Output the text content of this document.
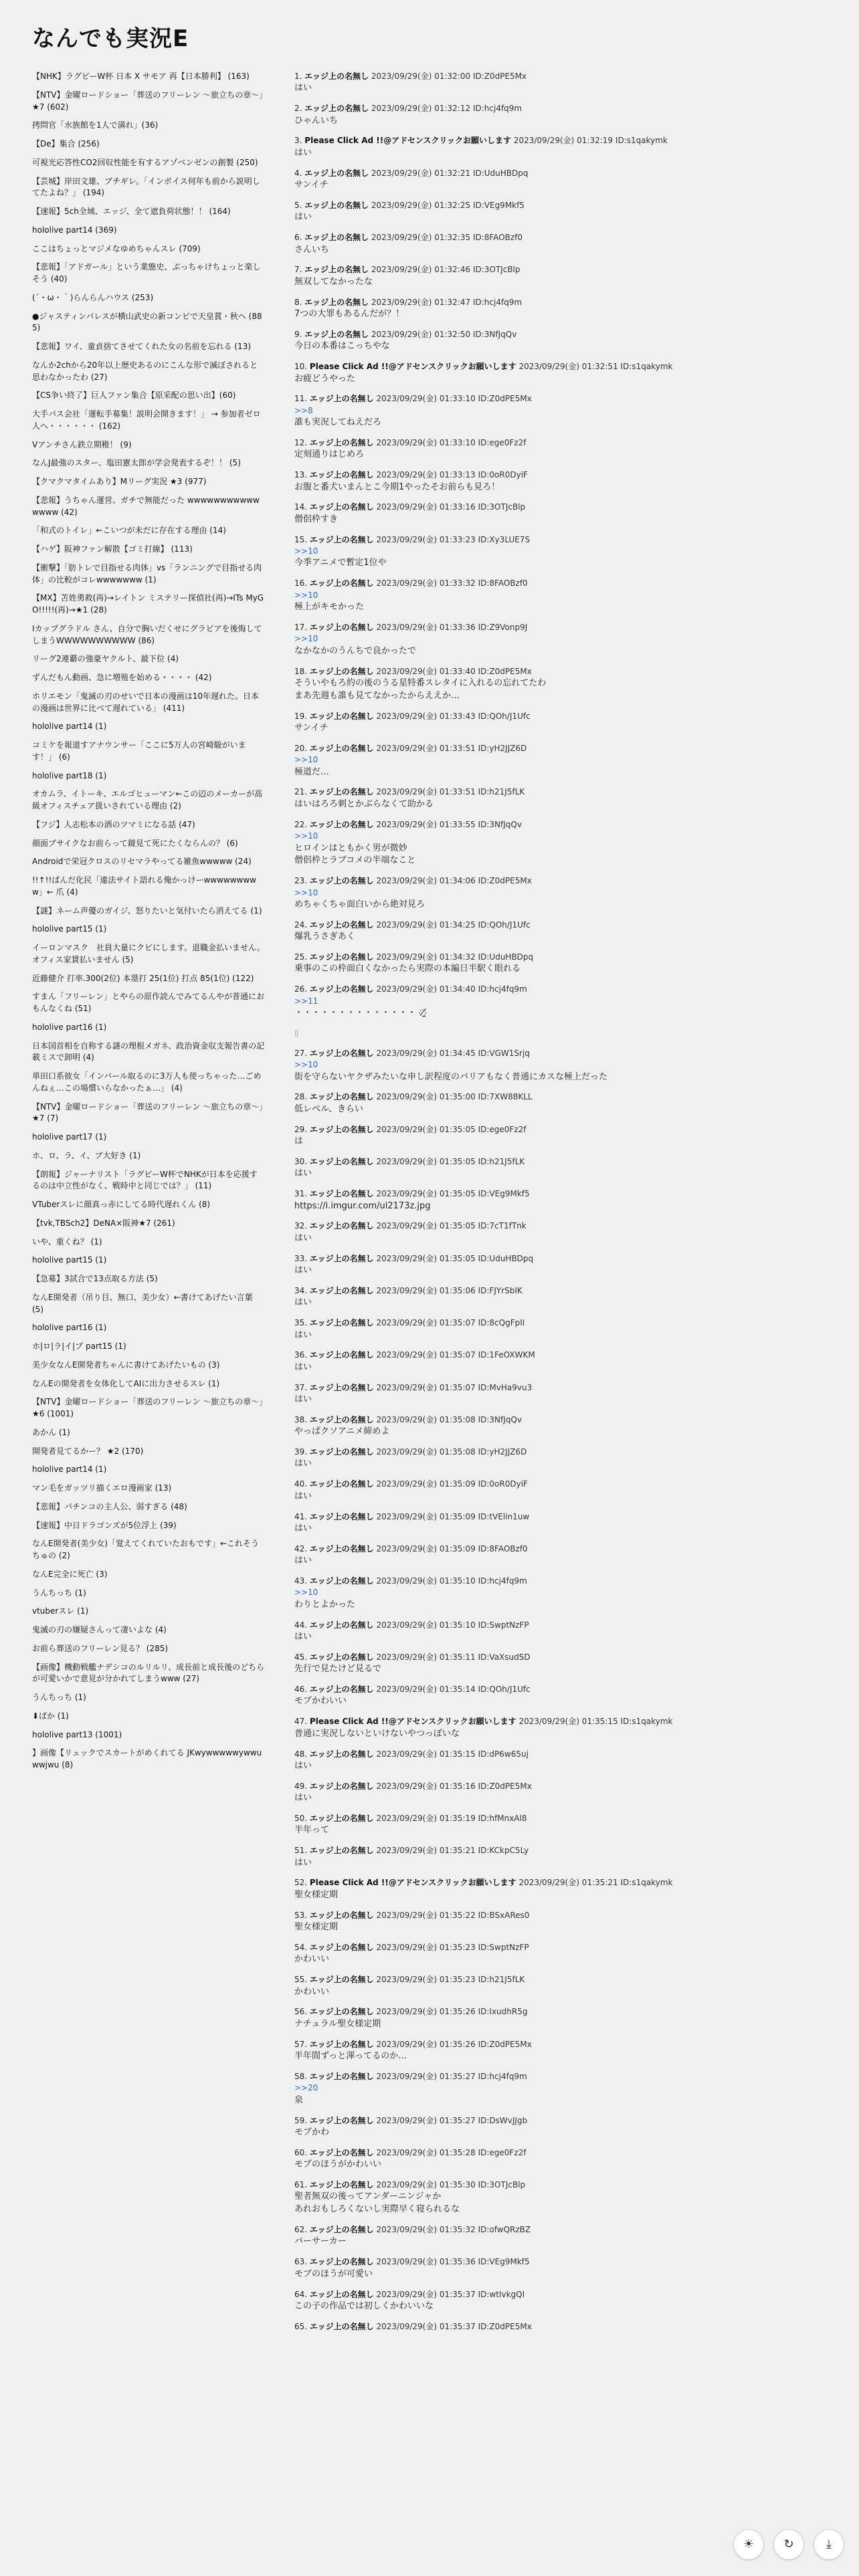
なんでも実況E
【NHK】ラグビーW杯 日本 X サモア 再【日本勝利】 (163)
【NTV】金曜ロードショー「葬送のフリーレン ～旅立ちの章～」★7 (602)
拷問官「水族館を1人で満れ」(36)
【De】集合 (256)
可視光応答性CO2回収性能を有するアゾベンゼンの創製 (250)
【芸城】岸田文雄、ブチギレ。「インボイス何年も前から説明してたよね？」 (194)
【速報】5ch全域、エッジ、全て遮負荷状態！！ (164)
hololive part14 (369)
ここはちょっとマジメなゆめちゃんスレ (709)
【悲報】「アドガール」という業態史、ぶっちゃけちょっと楽しそう (40)
(´・ω・｀)らんらんハウス (253)
●ジャスティンパレスが横山武史の新コンビで天皇賞・秋へ (885)
【悲報】ワイ、童貞捨てさせてくれた女の名前を忘れる (13)
なんか2chから20年以上歴史あるのにこんな形で滅ぼされると思わなかったわ (27)
【CS争い終了】巨人ファン集合【原采配の思い出】(60)
大手パス会社「運転手募集！説明会開きます！」 → 参加者ゼロ人へ・・・・・・ (162)
Vアンチさん鉄立期稚！ (9)
なんJ最強のスター、塩田憲太郎が学会発表するぞ！！ (5)
【クマクマタイムあり】Mリーグ実況 ★3 (977)
【悲報】うちゃん運営、ガチで無能だった wwwwwwwwwwwwwww (42)
「和式のトイレ」←こいつが未だに存在する理由 (14)
【ハゲ】阪神ファン解散【ゴミ打線】 (113)
【衝撃】「肪トレで目指せる肉体」vs「ランニングで目指せる肉体」の比較がコレwwwwwww (1)
【MX】苫姓勇救(再)→レイトン ミステリー探偵社(再)→ITs MyGO!!!!!(再)→★1 (28)
Iカップグラドル さん、自分で胸いだくせにグラビアを後悔してしまうWWWWWWWWWW (86)
リーグ2連覇の強豪ヤクルト、最下位 (4)
ずんだもん動画、急に増殖を始める・・・・ (42)
ホリエモン「鬼滅の刃のせいで日本の漫画は10年遅れた。日本の漫画は世界に比べて遅れている」 (411)
hololive part14 (1)
コミケを報道すアナウンサー「ここに5万人の宮崎駿がいます！」 (6)
hololive part18 (1)
オカムラ、イトーキ、エルゴヒューマン←この辺のメーカーが高級オフィスチェア扱いされている理由 (2)
【フジ】人志松本の酒のツマミになる話 (47)
顔面ブサイクなお前らって鏡見て死にたくならんの？ (6)
Androidで栄冠クロスのリセマラやってる雑魚wwwww (24)
!!↑!!ぱんだ化民「違法サイト語れる俺かっけーwwwwwwwww」← 爪 (4)
【謎】ネーム声優のガイジ、怒りたいと気付いたら消えてる (1)
hololive part15 (1)
イーロンマスク　社員大量にクビにします。退職金払いません。オフィス家賃払いません (5)
近藤健介 打率.300(2位) 本塁打 25(1位) 打点 85(1位) (122)
すまん「フリーレン」とやらの原作読んでみてるんやが普通におもんなくね (51)
hololive part16 (1)
日本国首相を自称する謎の理根メガネ、政治資金収支報告書の記載ミスで卸明 (4)
単田口系彼女「インバール取るのに3万人も使っちゃった…ごめんねぇ…この場慣いらなかったぁ…」 (4)
【NTV】金曜ロードショー「葬送のフリーレン ～旅立ちの章～」★7 (7)
hololive part17 (1)
ホ、ロ、ラ、イ、ブ大好き (1)
【朗報】ジャーナリスト「ラグビーW杯でNHKが日本を応援するのは中立性がなく、戦時中と同じでは？」 (11)
VTuberスレに顔真っ赤にしてる時代遅れくん (8)
【tvk,TBSch2】DeNA×阪神★7 (261)
いや、重くね？ (1)
hololive part15 (1)
【急募】3試合で13点取る方法 (5)
なんE開発者（吊り目、無口、美少女）←書けてあげたい言葉 (5)
hololive part16 (1)
ホ|ロ|ラ|イ|ブ part15 (1)
美少女なんE開発者ちゃんに書けてあげたいもの (3)
なんEの開発者を女体化してAIに出力させるスレ (1)
【NTV】金曜ロードショー「葬送のフリーレン ～旅立ちの章～」★6 (1001)
あかん (1)
開発者見てるかー？ ★2 (170)
hololive part14 (1)
マン毛をガッツリ描くエロ漫画家 (13)
【悲報】パチンコの主人公、弱すぎる (48)
【速報】中日ドラゴンズが5位浮上 (39)
なんE開発者(美少女)「覚えてくれていたおもです」←これそうちゅの (2)
なんE完全に死亡 (3)
うんちっち (1)
vtuberスレ (1)
鬼滅の刃の嫌疑さんって凄いよな (4)
お前ら葬送のフリーレン見る？ (285)
【画像】機動戦艦ナデシコのルリルリ、成長前と成長後のどちらが可愛いかで意見が分かれてしまうwww (27)
うんちっち (1)
⬇ぱか (1)
hololive part13 (1001)
】画像【リュックでスカートがめくれてる JKwywwwwwywwuwwjwu (8)
1. エッジ上の名無し 2023/09/29(金) 01:32:00 ID:Z0dPE5Mx
はい
2. エッジ上の名無し 2023/09/29(金) 01:32:12 ID:hcj4fq9m
ひゃんいち
3. Please Click Ad !!@アドセンスクリックお願いします 2023/09/29(金) 01:32:19 ID:s1qakymk
はい
4. エッジ上の名無し 2023/09/29(金) 01:32:21 ID:UduHBDpq
サンイチ
5. エッジ上の名無し 2023/09/29(金) 01:32:25 ID:VEg9Mkf5
はい
6. エッジ上の名無し 2023/09/29(金) 01:32:35 ID:8FAOBzf0
さんいち
7. エッジ上の名無し 2023/09/29(金) 01:32:46 ID:3OTJcBlp
無双してなかったな
8. エッジ上の名無し 2023/09/29(金) 01:32:47 ID:hcj4fq9m
7つの大罪もあるんだが？！
9. エッジ上の名無し 2023/09/29(金) 01:32:50 ID:3NfJqQv
今日の本番はこっちやな
10. Please Click Ad !!@アドセンスクリックお願いします 2023/09/29(金) 01:32:51 ID:s1qakymk
お疲どうやった
11. エッジ上の名無し 2023/09/29(金) 01:33:10 ID:Z0dPE5Mx
>>8
誰も実況してねえだろ
12. エッジ上の名無し 2023/09/29(金) 01:33:10 ID:ege0Fz2f
定刻通りはじめろ
13. エッジ上の名無し 2023/09/29(金) 01:33:13 ID:0oR0DyiF
お腹と番犬いまんとこ今期1やったそお前らも見ろ！
14. エッジ上の名無し 2023/09/29(金) 01:33:16 ID:3OTJcBlp
僧侶枠すき
15. エッジ上の名無し 2023/09/29(金) 01:33:23 ID:Xy3LUE7S
>>10
今季アニメで暫定1位や
16. エッジ上の名無し 2023/09/29(金) 01:33:32 ID:8FAOBzf0
>>10
極上がキモかった
17. エッジ上の名無し 2023/09/29(金) 01:33:36 ID:Z9Vonp9J
>>10
なかなかのうんちで良かったで
18. エッジ上の名無し 2023/09/29(金) 01:33:40 ID:Z0dPE5Mx
そういやもろ約の後のうる星特番スレタイに入れるの忘れてたわ
まあ先週も誰も見てなかったからええか…
19. エッジ上の名無し 2023/09/29(金) 01:33:43 ID:QOh/J1Ufc
サンイチ
20. エッジ上の名無し 2023/09/29(金) 01:33:51 ID:yH2JJZ6D
>>10
極道だ…
21. エッジ上の名無し 2023/09/29(金) 01:33:51 ID:h21J5fLK
はいはろろ刺とかぶらなくて助かる
22. エッジ上の名無し 2023/09/29(金) 01:33:55 ID:3NfJqQv
>>10
ヒロインはともかく男が微妙
僧侶枠とラブコメの半端なこと
23. エッジ上の名無し 2023/09/29(金) 01:34:06 ID:Z0dPE5Mx
>>10
めちゃくちゃ面白いから絶対見ろ
24. エッジ上の名無し 2023/09/29(金) 01:34:25 ID:QOh/J1Ufc
爆乳うさぎあく
25. エッジ上の名無し 2023/09/29(金) 01:34:32 ID:UduHBDpq
乗事のこの枠面白くなかったら実際の本編日半駅く眼れる
26. エッジ上の名無し 2023/09/29(金) 01:34:40 ID:hcj4fq9m
>>11
・・・・・・・・・・・・・・ ◌̸̯
▯
27. エッジ上の名無し 2023/09/29(金) 01:34:45 ID:VGW1Srjq
>>10
街を守らないヤクザみたいな申し訳程度のバリアもなく普通にカスな極上だった
28. エッジ上の名無し 2023/09/29(金) 01:35:00 ID:7XW88KLL
低レベル、きらい
29. エッジ上の名無し 2023/09/29(金) 01:35:05 ID:ege0Fz2f
は
30. エッジ上の名無し 2023/09/29(金) 01:35:05 ID:h21J5fLK
はい
31. エッジ上の名無し 2023/09/29(金) 01:35:05 ID:VEg9Mkf5
https://i.imgur.com/ul2173z.jpg
32. エッジ上の名無し 2023/09/29(金) 01:35:05 ID:7cT1fTnk
はい
33. エッジ上の名無し 2023/09/29(金) 01:35:05 ID:UduHBDpq
はい
34. エッジ上の名無し 2023/09/29(金) 01:35:06 ID:FJYrSbIK
はい
35. エッジ上の名無し 2023/09/29(金) 01:35:07 ID:8cQgFpII
はい
36. エッジ上の名無し 2023/09/29(金) 01:35:07 ID:1FeOXWKM
はい
37. エッジ上の名無し 2023/09/29(金) 01:35:07 ID:MvHa9vu3
はい
38. エッジ上の名無し 2023/09/29(金) 01:35:08 ID:3NfJqQv
やっぱクソアニメ締めよ
39. エッジ上の名無し 2023/09/29(金) 01:35:08 ID:yH2JJZ6D
はい
40. エッジ上の名無し 2023/09/29(金) 01:35:09 ID:0oR0DyiF
はい
41. エッジ上の名無し 2023/09/29(金) 01:35:09 ID:tVElin1uw
はい
42. エッジ上の名無し 2023/09/29(金) 01:35:09 ID:8FAOBzf0
はい
43. エッジ上の名無し 2023/09/29(金) 01:35:10 ID:hcj4fq9m
>>10
わりとよかった
44. エッジ上の名無し 2023/09/29(金) 01:35:10 ID:SwptNzFP
はい
45. エッジ上の名無し 2023/09/29(金) 01:35:11 ID:VaXsudSD
先行で見たけど見るで
46. エッジ上の名無し 2023/09/29(金) 01:35:14 ID:QOh/J1Ufc
モブかわいい
47. Please Click Ad !!@アドセンスクリックお願いします 2023/09/29(金) 01:35:15 ID:s1qakymk
普通に実況しないといけないやつっぽいな
48. エッジ上の名無し 2023/09/29(金) 01:35:15 ID:dP6w65uj
はい
49. エッジ上の名無し 2023/09/29(金) 01:35:16 ID:Z0dPE5Mx
はい
50. エッジ上の名無し 2023/09/29(金) 01:35:19 ID:hfMnxAl8
半年って
51. エッジ上の名無し 2023/09/29(金) 01:35:21 ID:KCkpC5Ly
はい
52. Please Click Ad !!@アドセンスクリックお願いします 2023/09/29(金) 01:35:21 ID:s1qakymk
聖女様定期
53. エッジ上の名無し 2023/09/29(金) 01:35:22 ID:BSxARes0
聖女様定期
54. エッジ上の名無し 2023/09/29(金) 01:35:23 ID:SwptNzFP
かわいい
55. エッジ上の名無し 2023/09/29(金) 01:35:23 ID:h21J5fLK
かわいい
56. エッジ上の名無し 2023/09/29(金) 01:35:26 ID:IxudhR5g
ナチュラル聖女様定期
57. エッジ上の名無し 2023/09/29(金) 01:35:26 ID:Z0dPE5Mx
半年間ずっと渾ってるのか…
58. エッジ上の名無し 2023/09/29(金) 01:35:27 ID:hcj4fq9m
>>20
泉
59. エッジ上の名無し 2023/09/29(金) 01:35:27 ID:DsWvJJgb
モブかわ
60. エッジ上の名無し 2023/09/29(金) 01:35:28 ID:ege0Fz2f
モブのほうがかわいい
61. エッジ上の名無し 2023/09/29(金) 01:35:30 ID:3OTJcBlp
聖者無双の後ってアンダーニンジャか
あれおもしろくないし実際早く寝られるな
62. エッジ上の名無し 2023/09/29(金) 01:35:32 ID:ofwQRzBZ
バーサーカー
63. エッジ上の名無し 2023/09/29(金) 01:35:36 ID:VEg9Mkf5
モブのほうが可愛い
64. エッジ上の名無し 2023/09/29(金) 01:35:37 ID:wtIvkgQI
この子の作品では初しくかわいいな
65. エッジ上の名無し 2023/09/29(金) 01:35:37 ID:Z0dPE5Mx
☀ ↻	⤓
